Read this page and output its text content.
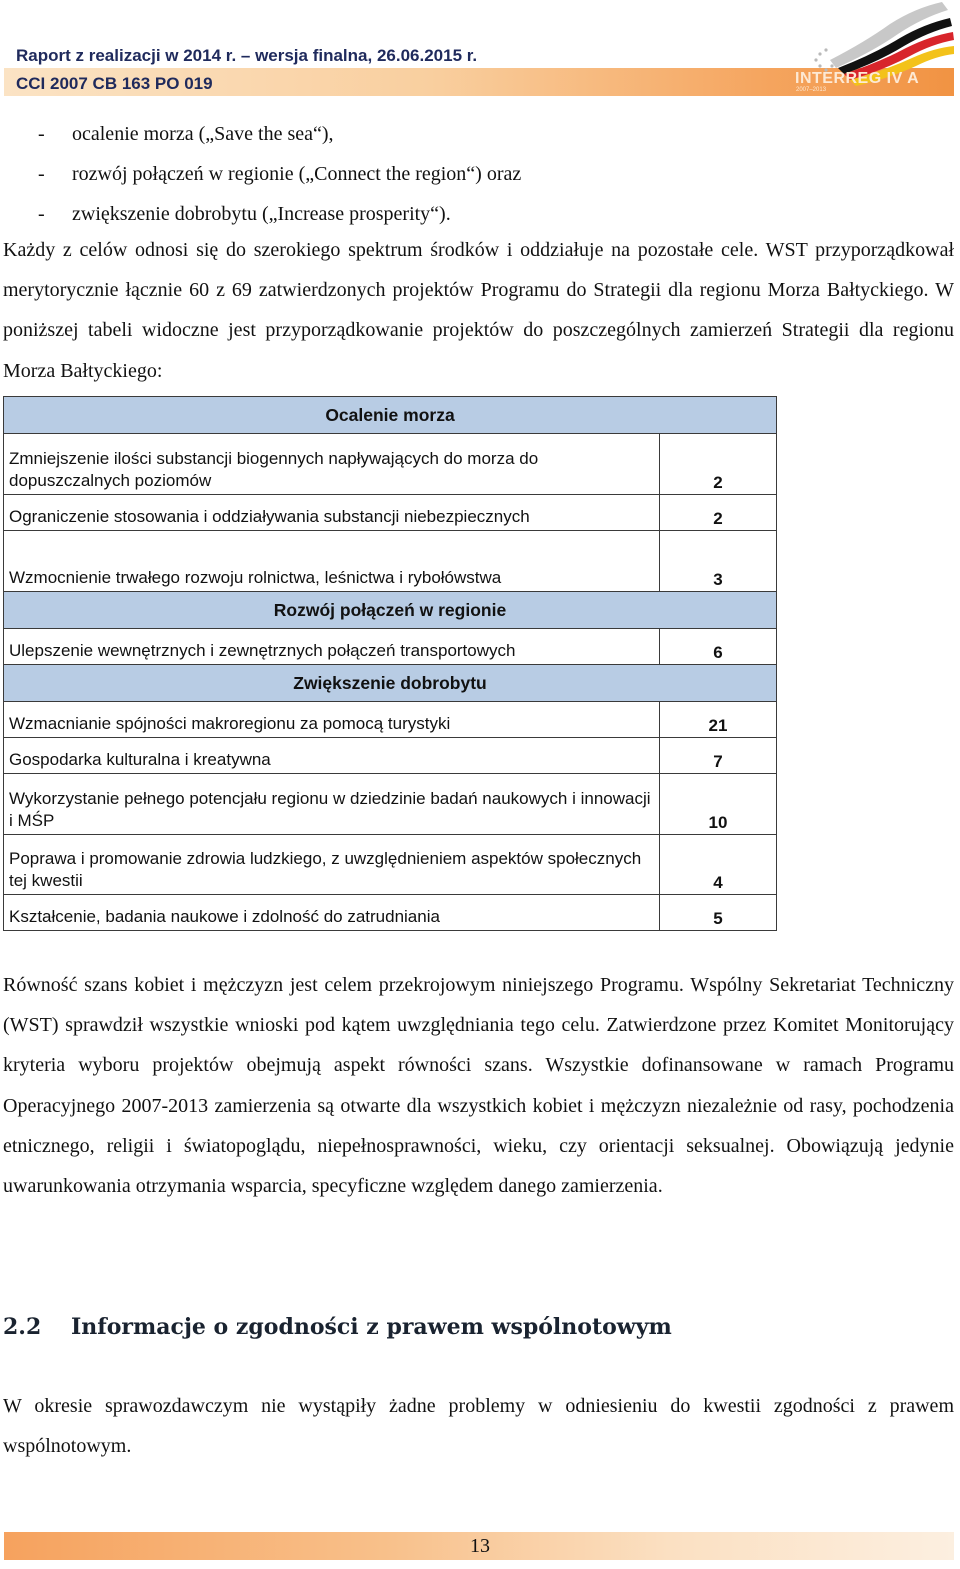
Raport z realizacji w 2014 r. – wersja finalna, 26.06.2015 r.
CCI 2007 CB 163 PO 019	INTERREG IV A
2007–2013
- ocalenie morza („Save the sea“),
- rozwój połączeń w regionie („Connect the region“) oraz
- zwiększenie dobrobytu („Increase prosperity“).
Każdy z celów odnosi się do szerokiego spektrum środków i oddziałuje na pozostałe cele. WST przyporządkował merytorycznie łącznie 60 z 69 zatwierdzonych projektów Programu do Strategii dla regionu Morza Bałtyckiego. W poniższej tabeli widoczne jest przyporządkowanie projektów do poszczególnych zamierzeń Strategii dla regionu Morza Bałtyckiego:
Ocalenie morza		
Zmniejszenie ilości substancji biogennych napływających do morza do dopuszczalnych poziomów	2	
Ograniczenie stosowania i oddziaływania substancji niebezpiecznych	2	
Wzmocnienie trwałego rozwoju rolnictwa, leśnictwa i rybołówstwa	3	
Rozwój połączeń w regionie		
Ulepszenie wewnętrznych i zewnętrznych połączeń transportowych	6	
Zwiększenie dobrobytu		
Wzmacnianie spójności makroregionu za pomocą turystyki	21	
Gospodarka kulturalna i kreatywna	7	
Wykorzystanie pełnego potencjału regionu w dziedzinie badań naukowych i innowacji i MŚP	10	
Poprawa i promowanie zdrowia ludzkiego, z uwzględnieniem aspektów społecznych tej kwestii	4	
Kształcenie, badania naukowe i zdolność do zatrudniania	5	
Równość szans kobiet i mężczyzn jest celem przekrojowym niniejszego Programu. Wspólny Sekretariat Techniczny (WST) sprawdził wszystkie wnioski pod kątem uwzględniania tego celu. Zatwierdzone przez Komitet Monitorujący kryteria wyboru projektów obejmują aspekt równości szans. Wszystkie dofinansowane w ramach Programu Operacyjnego 2007-2013 zamierzenia są otwarte dla wszystkich kobiet i mężczyzn niezależnie od rasy, pochodzenia etnicznego, religii i światopoglądu, niepełnosprawności, wieku, czy orientacji seksualnej. Obowiązują jedynie uwarunkowania otrzymania wsparcia, specyficzne względem danego zamierzenia.
2.2 Informacje o zgodności z prawem wspólnotowym
W okresie sprawozdawczym nie wystąpiły żadne problemy w odniesieniu do kwestii zgodności z prawem wspólnotowym.
13
